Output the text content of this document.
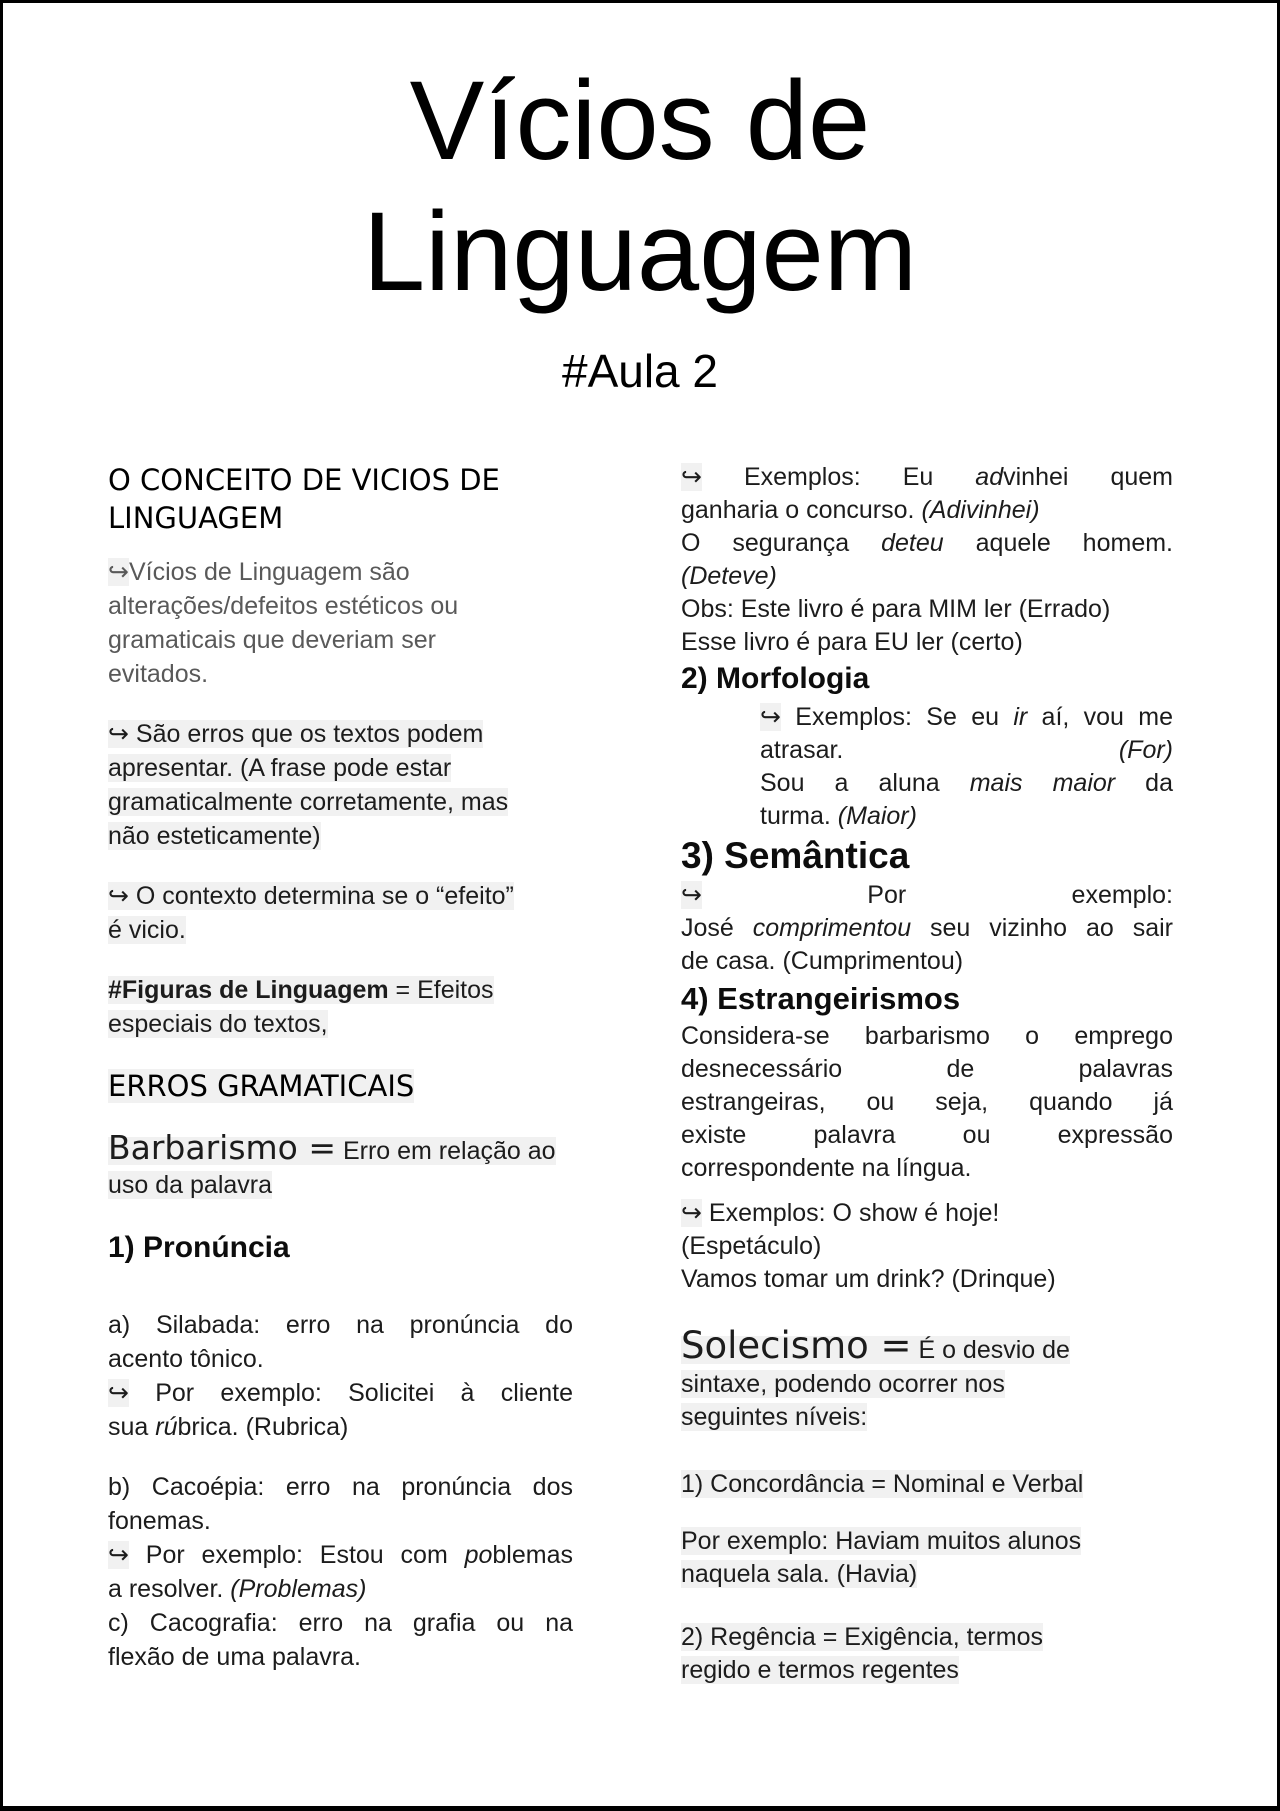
Vícios de
Linguagem
#Aula 2
O CONCEITO DE VICIOS DE
LINGUAGEM

↪Vícios de Linguagem são
alterações/defeitos estéticos ou
gramaticais que deveriam ser
evitados.

↪ São erros que os textos podem
apresentar. (A frase pode estar
gramaticalmente corretamente, mas
não esteticamente)

↪ O contexto determina se o “efeito”
é vicio.

#Figuras de Linguagem = Efeitos
especiais do textos,

ERROS GRAMATICAIS

Barbarismo = Erro em relação ao
uso da palavra

1) Pronúncia

a) Silabada: erro na pronúncia do
acento tônico.

↪ Por exemplo: Solicitei à cliente
sua rúbrica. (Rubrica)

b) Cacoépia: erro na pronúncia dos
fonemas.

↪ Por exemplo: Estou com poblemas
a resolver. (Problemas)

c) Cacografia: erro na grafia ou na
flexão de uma palavra.

↪ Exemplos: Eu advinhei quem
ganharia o concurso. (Adivinhei)

O segurança deteu aquele homem.
(Deteve)

Obs: Este livro é para MIM ler (Errado)

Esse livro é para EU ler (certo)

2) Morfologia

↪ Exemplos: Se eu ir aí, vou me
atrasar. (For)

Sou a aluna mais maior da
turma. (Maior)

3) Semântica

↪ Por exemplo:
José comprimentou seu vizinho ao sair
de casa. (Cumprimentou)

4) Estrangeirismos

Considera-se barbarismo o emprego
desnecessário de palavras
estrangeiras, ou seja, quando já
existe palavra ou expressão
correspondente na língua.

↪ Exemplos: O show é hoje!
(Espetáculo)

Vamos tomar um drink? (Drinque)

Solecismo = É o desvio de
sintaxe, podendo ocorrer nos
seguintes níveis:

1) Concordância = Nominal e Verbal

Por exemplo: Haviam muitos alunos
naquela sala. (Havia)

2) Regência = Exigência, termos
regido e termos regentes
